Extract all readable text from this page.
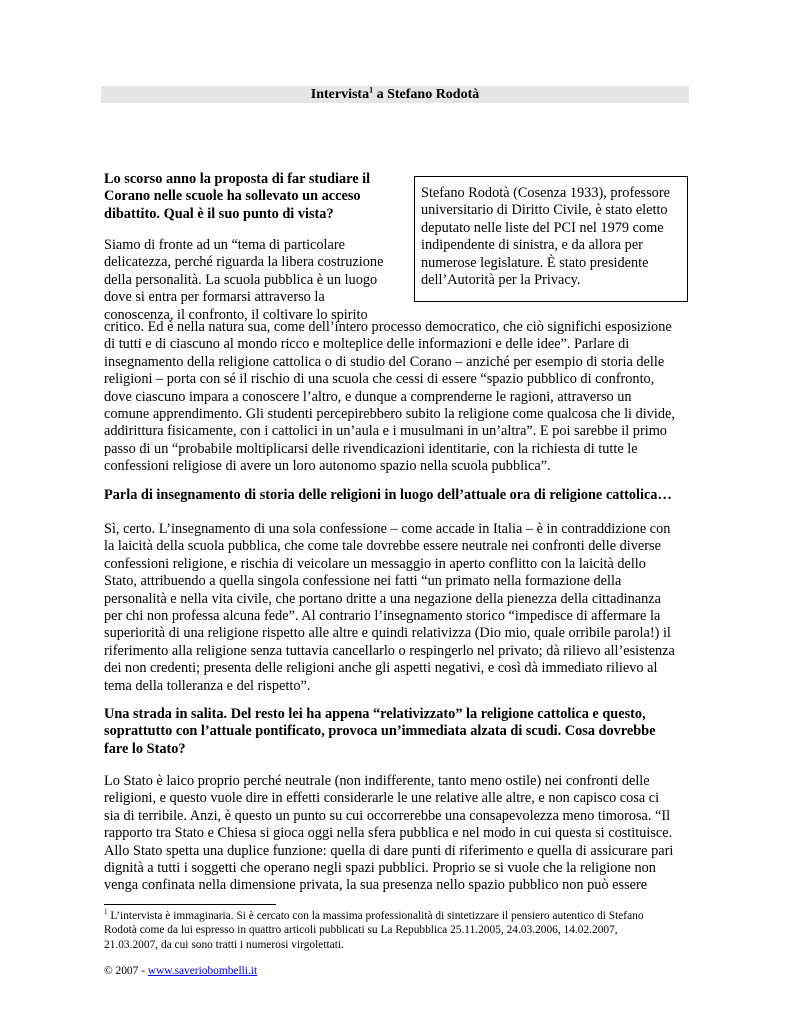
Intervista$^1$ a Stefano Rodotà
Lo scorso anno la proposta di far studiare il
Corano nelle scuole ha sollevato un acceso
dibattito. Qual è il suo punto di vista?
Stefano Rodotà (Cosenza 1933), professore
universitario di Diritto Civile, è stato eletto
deputato nelle liste del PCI nel 1979 come
indipendente di sinistra, e da allora per
numerose legislature. È stato presidente
dell’Autorità per la Privacy.
Siamo di fronte ad un “tema di particolare
delicatezza, perché riguarda la libera costruzione
della personalità. La scuola pubblica è un luogo
dove si entra per formarsi attraverso la
conoscenza, il confronto, il coltivare lo spirito
critico. Ed è nella natura sua, come dell’intero processo democratico, che ciò significhi esposizione
di tutti e di ciascuno al mondo ricco e molteplice delle informazioni e delle idee”. Parlare di
insegnamento della religione cattolica o di studio del Corano – anziché per esempio di storia delle
religioni – porta con sé il rischio di una scuola che cessi di essere “spazio pubblico di confronto,
dove ciascuno impara a conoscere l’altro, e dunque a comprenderne le ragioni, attraverso un
comune apprendimento. Gli studenti percepirebbero subito la religione come qualcosa che li divide,
addirittura fisicamente, con i cattolici in un’aula e i musulmani in un’altra”. E poi sarebbe il primo
passo di un “probabile moltiplicarsi delle rivendicazioni identitarie, con la richiesta di tutte le
confessioni religiose di avere un loro autonomo spazio nella scuola pubblica”.
Parla di insegnamento di storia delle religioni in luogo dell’attuale ora di religione cattolica…
Sì, certo. L’insegnamento di una sola confessione – come accade in Italia – è in contraddizione con
la laicità della scuola pubblica, che come tale dovrebbe essere neutrale nei confronti delle diverse
confessioni religione, e rischia di veicolare un messaggio in aperto conflitto con la laicità dello
Stato, attribuendo a quella singola confessione nei fatti “un primato nella formazione della
personalità e nella vita civile, che portano dritte a una negazione della pienezza della cittadinanza
per chi non professa alcuna fede”. Al contrario l’insegnamento storico “impedisce di affermare la
superiorità di una religione rispetto alle altre e quindi relativizza (Dio mio, quale orribile parola!) il
riferimento alla religione senza tuttavia cancellarlo o respingerlo nel privato; dà rilievo all’esistenza
dei non credenti; presenta delle religioni anche gli aspetti negativi, e così dà immediato rilievo al
tema della tolleranza e del rispetto”.
Una strada in salita. Del resto lei ha appena “relativizzato” la religione cattolica e questo,
soprattutto con l’attuale pontificato, provoca un’immediata alzata di scudi. Cosa dovrebbe
fare lo Stato?
Lo Stato è laico proprio perché neutrale (non indifferente, tanto meno ostile) nei confronti delle
religioni, e questo vuole dire in effetti considerarle le une relative alle altre, e non capisco cosa ci
sia di terribile. Anzi, è questo un punto su cui occorrerebbe una consapevolezza meno timorosa. “Il
rapporto tra Stato e Chiesa si gioca oggi nella sfera pubblica e nel modo in cui questa si costituisce.
Allo Stato spetta una duplice funzione: quella di dare punti di riferimento e quella di assicurare pari
dignità a tutti i soggetti che operano negli spazi pubblici. Proprio se si vuole che la religione non
venga confinata nella dimensione privata, la sua presenza nello spazio pubblico non può essere
$^1$ L’intervista è immaginaria. Si è cercato con la massima professionalità di sintetizzare il pensiero autentico di Stefano
Rodotà come da lui espresso in quattro articoli pubblicati su La Repubblica 25.11.2005, 24.03.2006, 14.02.2007,
21.03.2007, da cui sono tratti i numerosi virgolettati.
© 2007 - www.saveriobombelli.it
